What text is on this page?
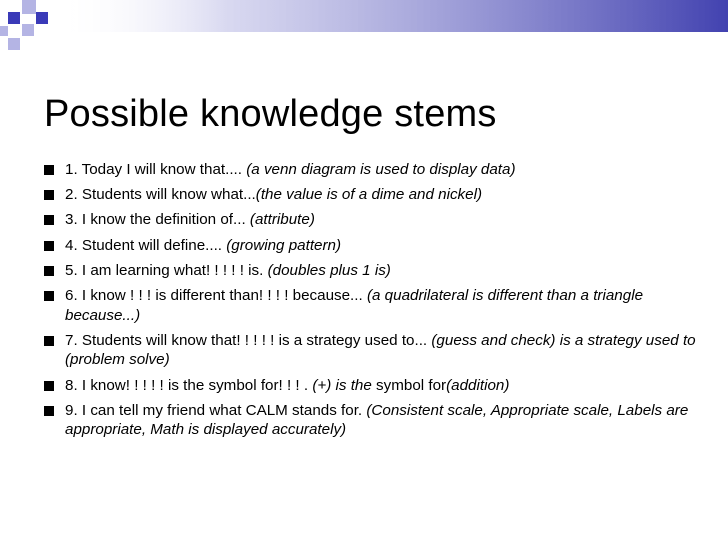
Possible knowledge stems
1. Today I will know that.... (a venn diagram is used to display data)
2. Students will know what...(the value is of a dime and nickel)
3. I know the definition of... (attribute)
4. Student will define.... (growing pattern)
5. I am learning what! ! ! ! ! is. (doubles plus 1 is)
6. I know ! ! ! is different than! ! ! ! because... (a quadrilateral is different than a triangle because...)
7. Students will know that! ! ! ! ! is a strategy used to... (guess and check) is a strategy used to (problem solve)
8. I know! ! ! ! ! is the symbol for! ! ! . (+) is the symbol for(addition)
9. I can tell my friend what CALM stands for. (Consistent scale, Appropriate scale, Labels are appropriate, Math is displayed accurately)
